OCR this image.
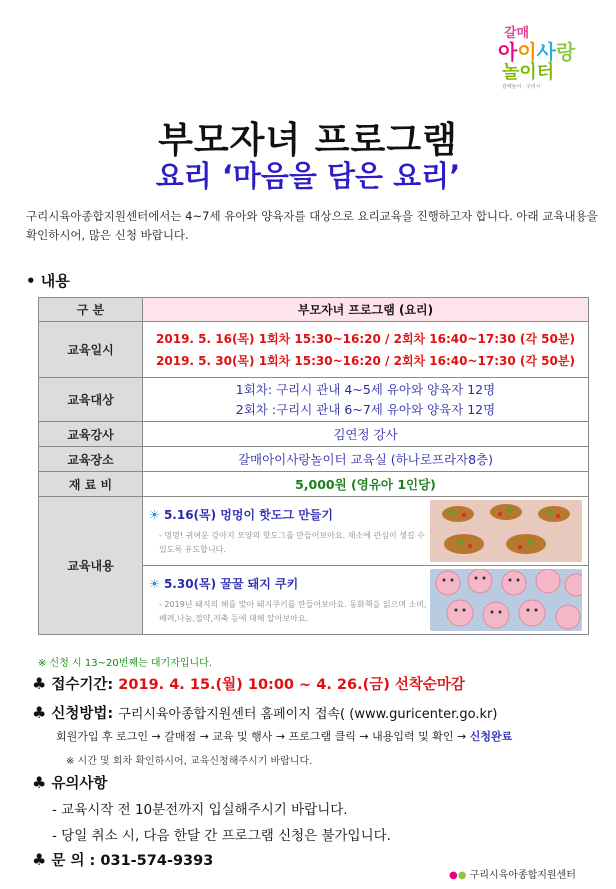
갈매
아이사랑
놀이터
갈매놀이 · 구리시
부모자녀 프로그램
요리 ‘마음을 담은 요리’
구리시육아종합지원센터에서는 4~7세 유아와 양육자를 대상으로 요리교육을 진행하고자 합니다. 아래 교육내용을 확인하시어, 많은 신청 바랍니다.
• 내용
구 분	부모자녀 프로그램 (요리)
교육일시	2019. 5. 16(목) 1회차 15:30~16:20 / 2회차 16:40~17:30 (각 50분)
2019. 5. 30(목) 1회차 15:30~16:20 / 2회차 16:40~17:30 (각 50분)

교육대상	1회차: 구리시 관내 4~5세 유아와 양육자 12명
2회차 :구리시 관내 6~7세 유아와 양육자 12명

교육강사	김연정 강사
교육장소	갈매아이사랑놀이터 교육실 (하나로프라자8층)
재 료 비	5,000원 (영유아 1인당)
교육내용	☀ 5.16(목) 멍멍이 핫도그 만들기
- 멍멍! 귀여운 강아지 모양의 핫도그를 만들어보아요. 채소에 관심이 생길 수 있도록 유도합니다.
☀ 5.30(목) 꿀꿀 돼지 쿠키
- 2019년 돼지의 해를 맞아 돼지쿠키를 만들어보아요. 동화책을 읽으며 소비,배려,나눔,절약,저축 등에 대해 알아보아요.
※ 신청 시 13~20번째는 대기자입니다.
♣ 접수기간: 2019. 4. 15.(월) 10:00 ~ 4. 26.(금) 선착순마감
♣ 신청방법: 구리시육아종합지원센터 홈페이지 접속( (www.guricenter.go.kr)
회원가입 후 로그인 → 갈매점 → 교육 및 행사 → 프로그램 클릭 → 내용입력 및 확인 → 신청완료
※ 시간 및 회차 확인하시어, 교육신청해주시기 바랍니다.
♣ 유의사항
- 교육시작 전 10분전까지 입실해주시기 바랍니다.
- 당일 취소 시, 다음 한달 간 프로그램 신청은 불가입니다.
♣ 문 의 : 031-574-9393
●● 구리시육아종합지원센터
